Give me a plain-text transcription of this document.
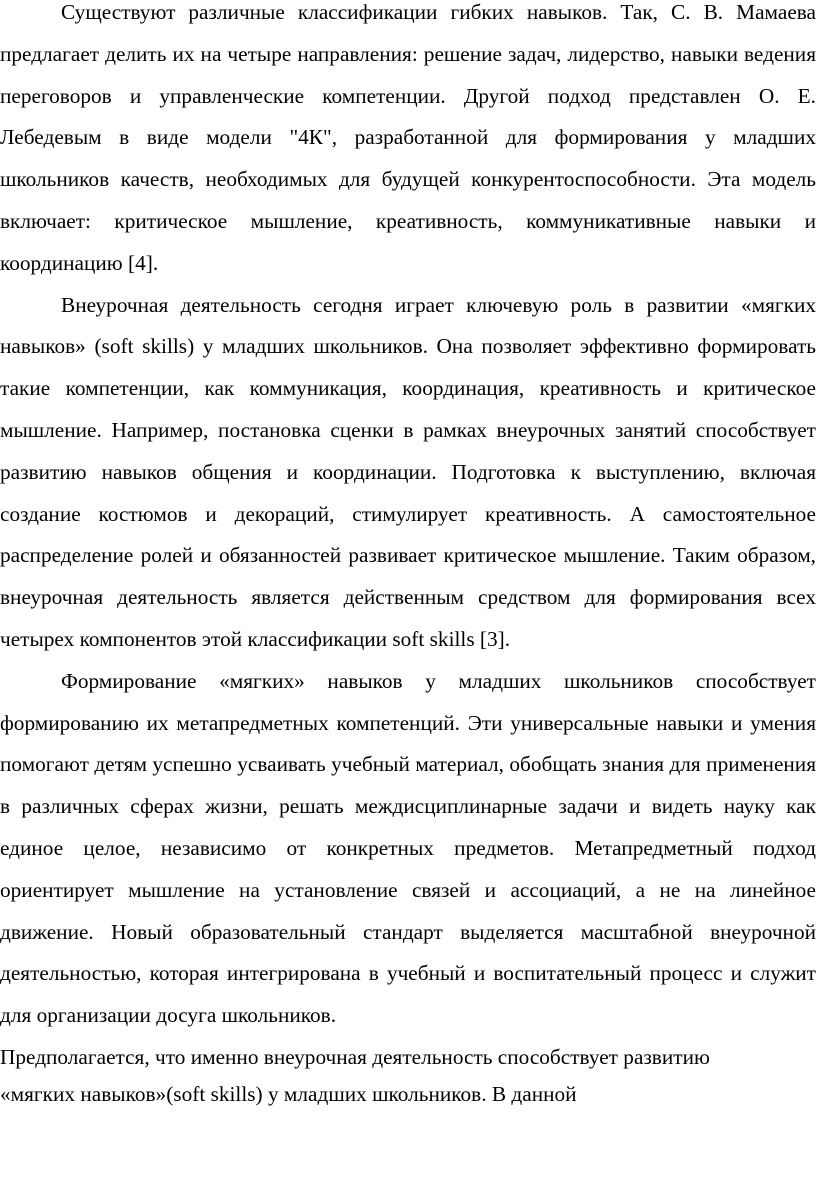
Существуют различные классификации гибких навыков. Так, С. В. Мамаева предлагает делить их на четыре направления: решение задач, лидерство, навыки ведения переговоров и управленческие компетенции. Другой подход представлен О. Е. Лебедевым в виде модели "4К", разработанной для формирования у младших школьников качеств, необходимых для будущей конкурентоспособности. Эта модель включает: критическое мышление, креативность, коммуникативные навыки и координацию [4].

Внеурочная деятельность сегодня играет ключевую роль в развитии «мягких навыков» (soft skills) у младших школьников. Она позволяет эффективно формировать такие компетенции, как коммуникация, координация, креативность и критическое мышление. Например, постановка сценки в рамках внеурочных занятий способствует развитию навыков общения и координации. Подготовка к выступлению, включая создание костюмов и декораций, стимулирует креативность. А самостоятельное распределение ролей и обязанностей развивает критическое мышление. Таким образом, внеурочная деятельность является действенным средством для формирования всех четырех компонентов этой классификации soft skills [3].

Формирование «мягких» навыков у младших школьников способствует формированию их метапредметных компетенций. Эти универсальные навыки и умения помогают детям успешно усваивать учебный материал, обобщать знания для применения в различных сферах жизни, решать междисциплинарные задачи и видеть науку как единое целое, независимо от конкретных предметов. Метапредметный подход ориентирует мышление на установление связей и ассоциаций, а не на линейное движение. Новый образовательный стандарт выделяется масштабной внеурочной деятельностью, которая интегрирована в учебный и воспитательный процесс и служит для организации досуга школьников.

Предполагается, что именно внеурочная деятельность способствует развитию
«мягких навыков»(soft skills) у младших школьников. В данной
